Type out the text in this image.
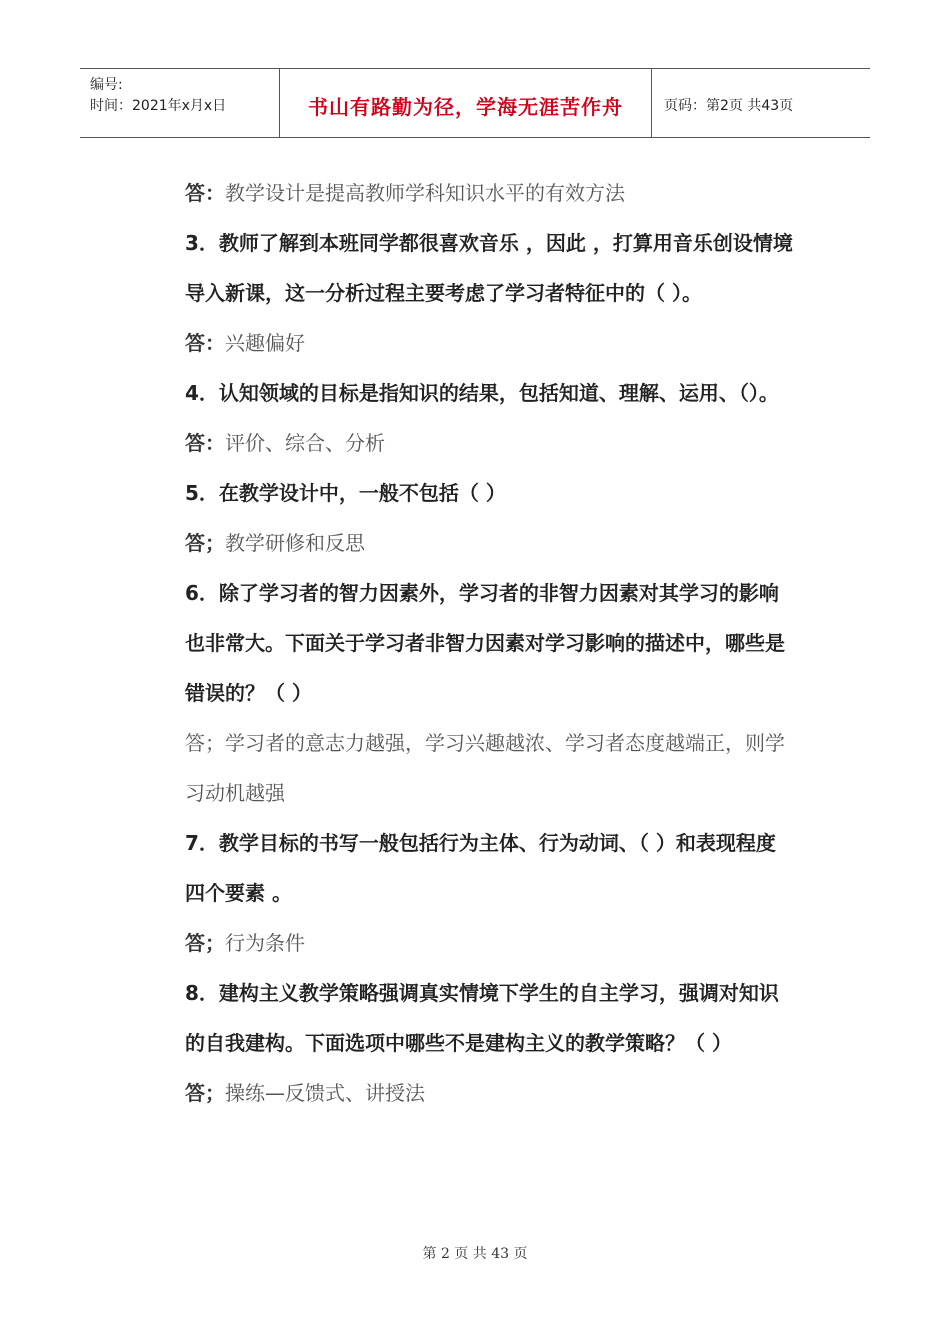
编号:
时间：2021年x月x日	书山有路勤为径，学海无涯苦作舟	页码：第2页 共43页
答：教学设计是提高教师学科知识水平的有效方法
3．教师了解到本班同学都很喜欢音乐 ，因此 ，打算用音乐创设情境
导入新课，这一分析过程主要考虑了学习者特征中的（ ）。
答：兴趣偏好
4．认知领域的目标是指知识的结果，包括知道、理解、运用、（）。
答：评价、综合、分析
5．在教学设计中，一般不包括（ ）
答；教学研修和反思
6．除了学习者的智力因素外，学习者的非智力因素对其学习的影响
也非常大。下面关于学习者非智力因素对学习影响的描述中，哪些是
错误的？（ ）
答；学习者的意志力越强，学习兴趣越浓、学习者态度越端正，则学
习动机越强
7．教学目标的书写一般包括行为主体、行为动词、（ ）和表现程度
四个要素 。
答；行为条件
8．建构主义教学策略强调真实情境下学生的自主学习，强调对知识
的自我建构。下面选项中哪些不是建构主义的教学策略？（ ）
答；操练—反馈式、讲授法
第 2 页 共 43 页
